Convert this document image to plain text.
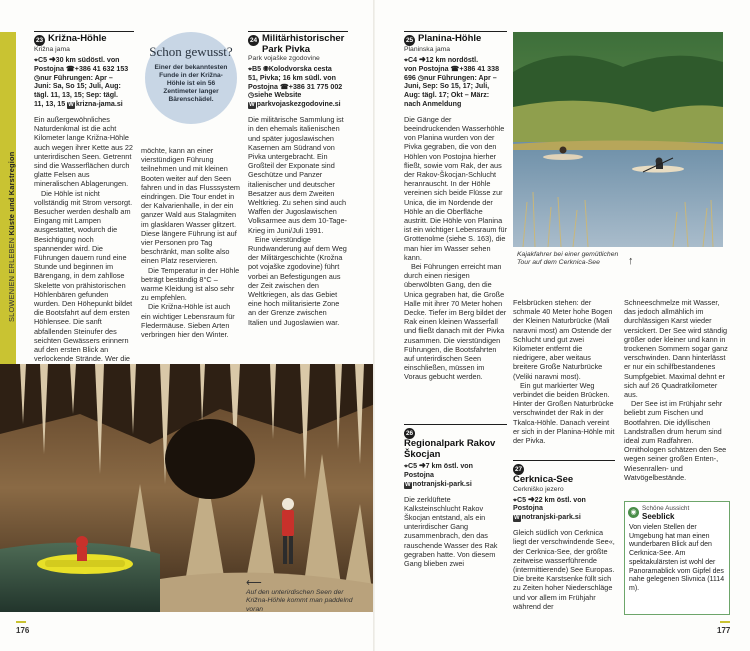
SLOWENIEN ERLEBEN Küste und Karstregion
23 Križna-Höhle
Križna jama
⌖C5 ➜30 km südöstl. von
Postojna ☎+386 41 632 153
◷nur Führungen: Apr –
Juni: Sa, So 15; Juli, Aug:
tägl. 11, 13, 15; Sep: tägl.
11, 13, 15 W krizna-jama.si

Ein außergewöhnliches Naturdenkmal ist die acht Kilometer lange Križna-Höhle auch wegen ihrer Kette aus 22 unterirdischen Seen. Getrennt sind die Wasserflächen durch glatte Felsen aus mineralischen Ablagerungen.

Die Höhle ist nicht vollständig mit Strom versorgt. Besucher werden deshalb am Eingang mit Lampen ausgestattet, wodurch die Besichtigung noch spannender wird. Die Führungen dauern rund eine Stunde und beginnen im Bärengang, in dem zahllose Skelette von prähistorischen Höhlenbären gefunden wurden. Den Höhepunkt bildet die Bootsfahrt auf dem ersten Höhlensee. Die sanft abfallenden Steinufer des seichten Gewässers erinnern auf den ersten Blick an verlockende Strände. Wer die

Schon gewusst?
Einer der bekanntesten Funde in der Križna-Höhle ist ein 56 Zentimeter langer Bärenschädel.

möchte, kann an einer vierstündigen Führung teilnehmen und mit kleinen Booten weiter auf den Seen fahren und in das Flusssystem eindringen. Die Tour endet in der Kalvarienhalle, in der ein ganzer Wald aus Stalagmiten im glasklaren Wasser glitzert. Diese längere Führung ist auf vier Personen pro Tag beschränkt, man sollte also einen Platz reservieren.

Die Temperatur in der Höhle beträgt beständig 8°C – warme Kleidung ist also sehr zu empfehlen.

Die Križna-Höhle ist auch ein wichtiger Lebensraum für Fledermäuse. Sieben Arten verbringen hier den Winter.

24 Militärhistorischer Park Pivka
Park vojaške zgodovine
⌖B5 ◉Kolodvorska cesta
51, Pivka; 16 km südl. von
Postojna ☎+386 31 775 002
◷siehe Website
W parkvojaskezgodovine.si

Die militärische Sammlung ist in den ehemals italienischen und später jugoslawischen Kasernen am Südrand von Pivka untergebracht. Ein Großteil der Exponate sind Geschütze und Panzer italienischer und deutscher Besatzer aus dem Zweiten Weltkrieg. Zu sehen sind auch Waffen der Jugoslawischen Volksarmee aus dem 10-Tage-Krieg im Juni/Juli 1991.

Eine vierstündige Rundwanderung auf dem Weg der Militärgeschichte (Krožna pot vojaške zgodovine) führt vorbei an Befestigungen aus der Zeit zwischen den Weltkriegen, als das Gebiet eine hoch militarisierte Zone an der Grenze zwischen Italien und Jugoslawien war.

⟵
Auf den unterirdischen Seen der Križna-Höhle kommt man paddelnd voran
176
25 Planina-Höhle
Planinska jama
⌖C4 ➜12 km nordöstl.
von Postojna ☎+386 41 338
696 ◷nur Führungen: Apr –
Juni, Sep: So 15, 17; Juli,
Aug: tägl. 17; Okt – März:
nach Anmeldung

Die Gänge der beeindruckenden Wasserhöhle von Planina wurden von der Pivka gegraben, die von den Höhlen von Postojna hierher fließt, sowie vom Rak, der aus der Rakov-Škocjan-Schlucht heranrauscht. In der Höhle vereinen sich beide Flüsse zur Unica, die im Nordende der Höhle an die Oberfläche austritt. Die Höhle von Planina ist ein wichtiger Lebensraum für Grottenolme (siehe S. 163), die man hier im Wasser sehen kann.

Bei Führungen erreicht man durch einen riesigen überwölbten Gang, den die Unica gegraben hat, die Große Halle mit ihrer 70 Meter hohen Decke. Tiefer im Berg bildet der Rak einen kleinen Wasserfall und fließt danach mit der Pivka zusammen. Die vierstündigen Führungen, die Bootsfahrten auf unterirdischen Seen einschließen, müssen im Voraus gebucht werden.

26
Regionalpark Rakov Škocjan
⌖C5 ➜7 km östl. von
Postojna
W notranjski-park.si

Die zerklüftete Kalksteinschlucht Rakov Škocjan entstand, als ein unterirdischer Gang zusammenbrach, den das rauschende Wasser des Rak gegraben hatte. Von diesem Gang blieben zwei

Kajakfahrer bei einer gemütlichen Tour auf dem Cerknica-See	↑

Felsbrücken stehen: der schmale 40 Meter hohe Bogen der Kleinen Naturbrücke (Mali naravni most) am Ostende der Schlucht und gut zwei Kilometer entfernt die niedrigere, aber weitaus breitere Große Naturbrücke (Veliki naravni most).

Ein gut markierter Weg verbindet die beiden Brücken. Hinter der Großen Naturbrücke verschwindet der Rak in der Tkalca-Höhle. Danach vereint er sich in der Planina-Höhle mit der Pivka.

27
Cerknica-See
Cerkniško jezero
⌖C5 ➜22 km östl. von
Postojna
W notranjski-park.si

Gleich südlich von Cerknica liegt der verschwindende See«, der Cerknica-See, der größte zeitweise wasserführende (intermittierende) See Europas. Die breite Karstsenke füllt sich zu Zeiten hoher Niederschläge und vor allem im Frühjahr während der

Schneeschmelze mit Wasser, das jedoch allmählich im durchlässigen Karst wieder versickert. Der See wird ständig größer oder kleiner und kann in trockenen Sommern sogar ganz verschwinden. Dann hinterlässt er nur ein schilfbestandenes Sumpfgebiet. Maximal dehnt er sich auf 26 Quadratkilometer aus.

Der See ist im Frühjahr sehr beliebt zum Fischen und Bootfahren. Die idyllischen Landstraßen drum herum sind ideal zum Radfahren. Ornithologen schätzen den See wegen seiner großen Enten-, Wiesenrallen- und Watvögelbestände.

177
◉
Schöne Aussicht
Seeblick
Von vielen Stellen der Umgebung hat man einen wunderbaren Blick auf den Cerknica-See. Am spektakulärsten ist wohl der Panoramablick vom Gipfel des nahe gelegenen Slivnica (1114 m).
